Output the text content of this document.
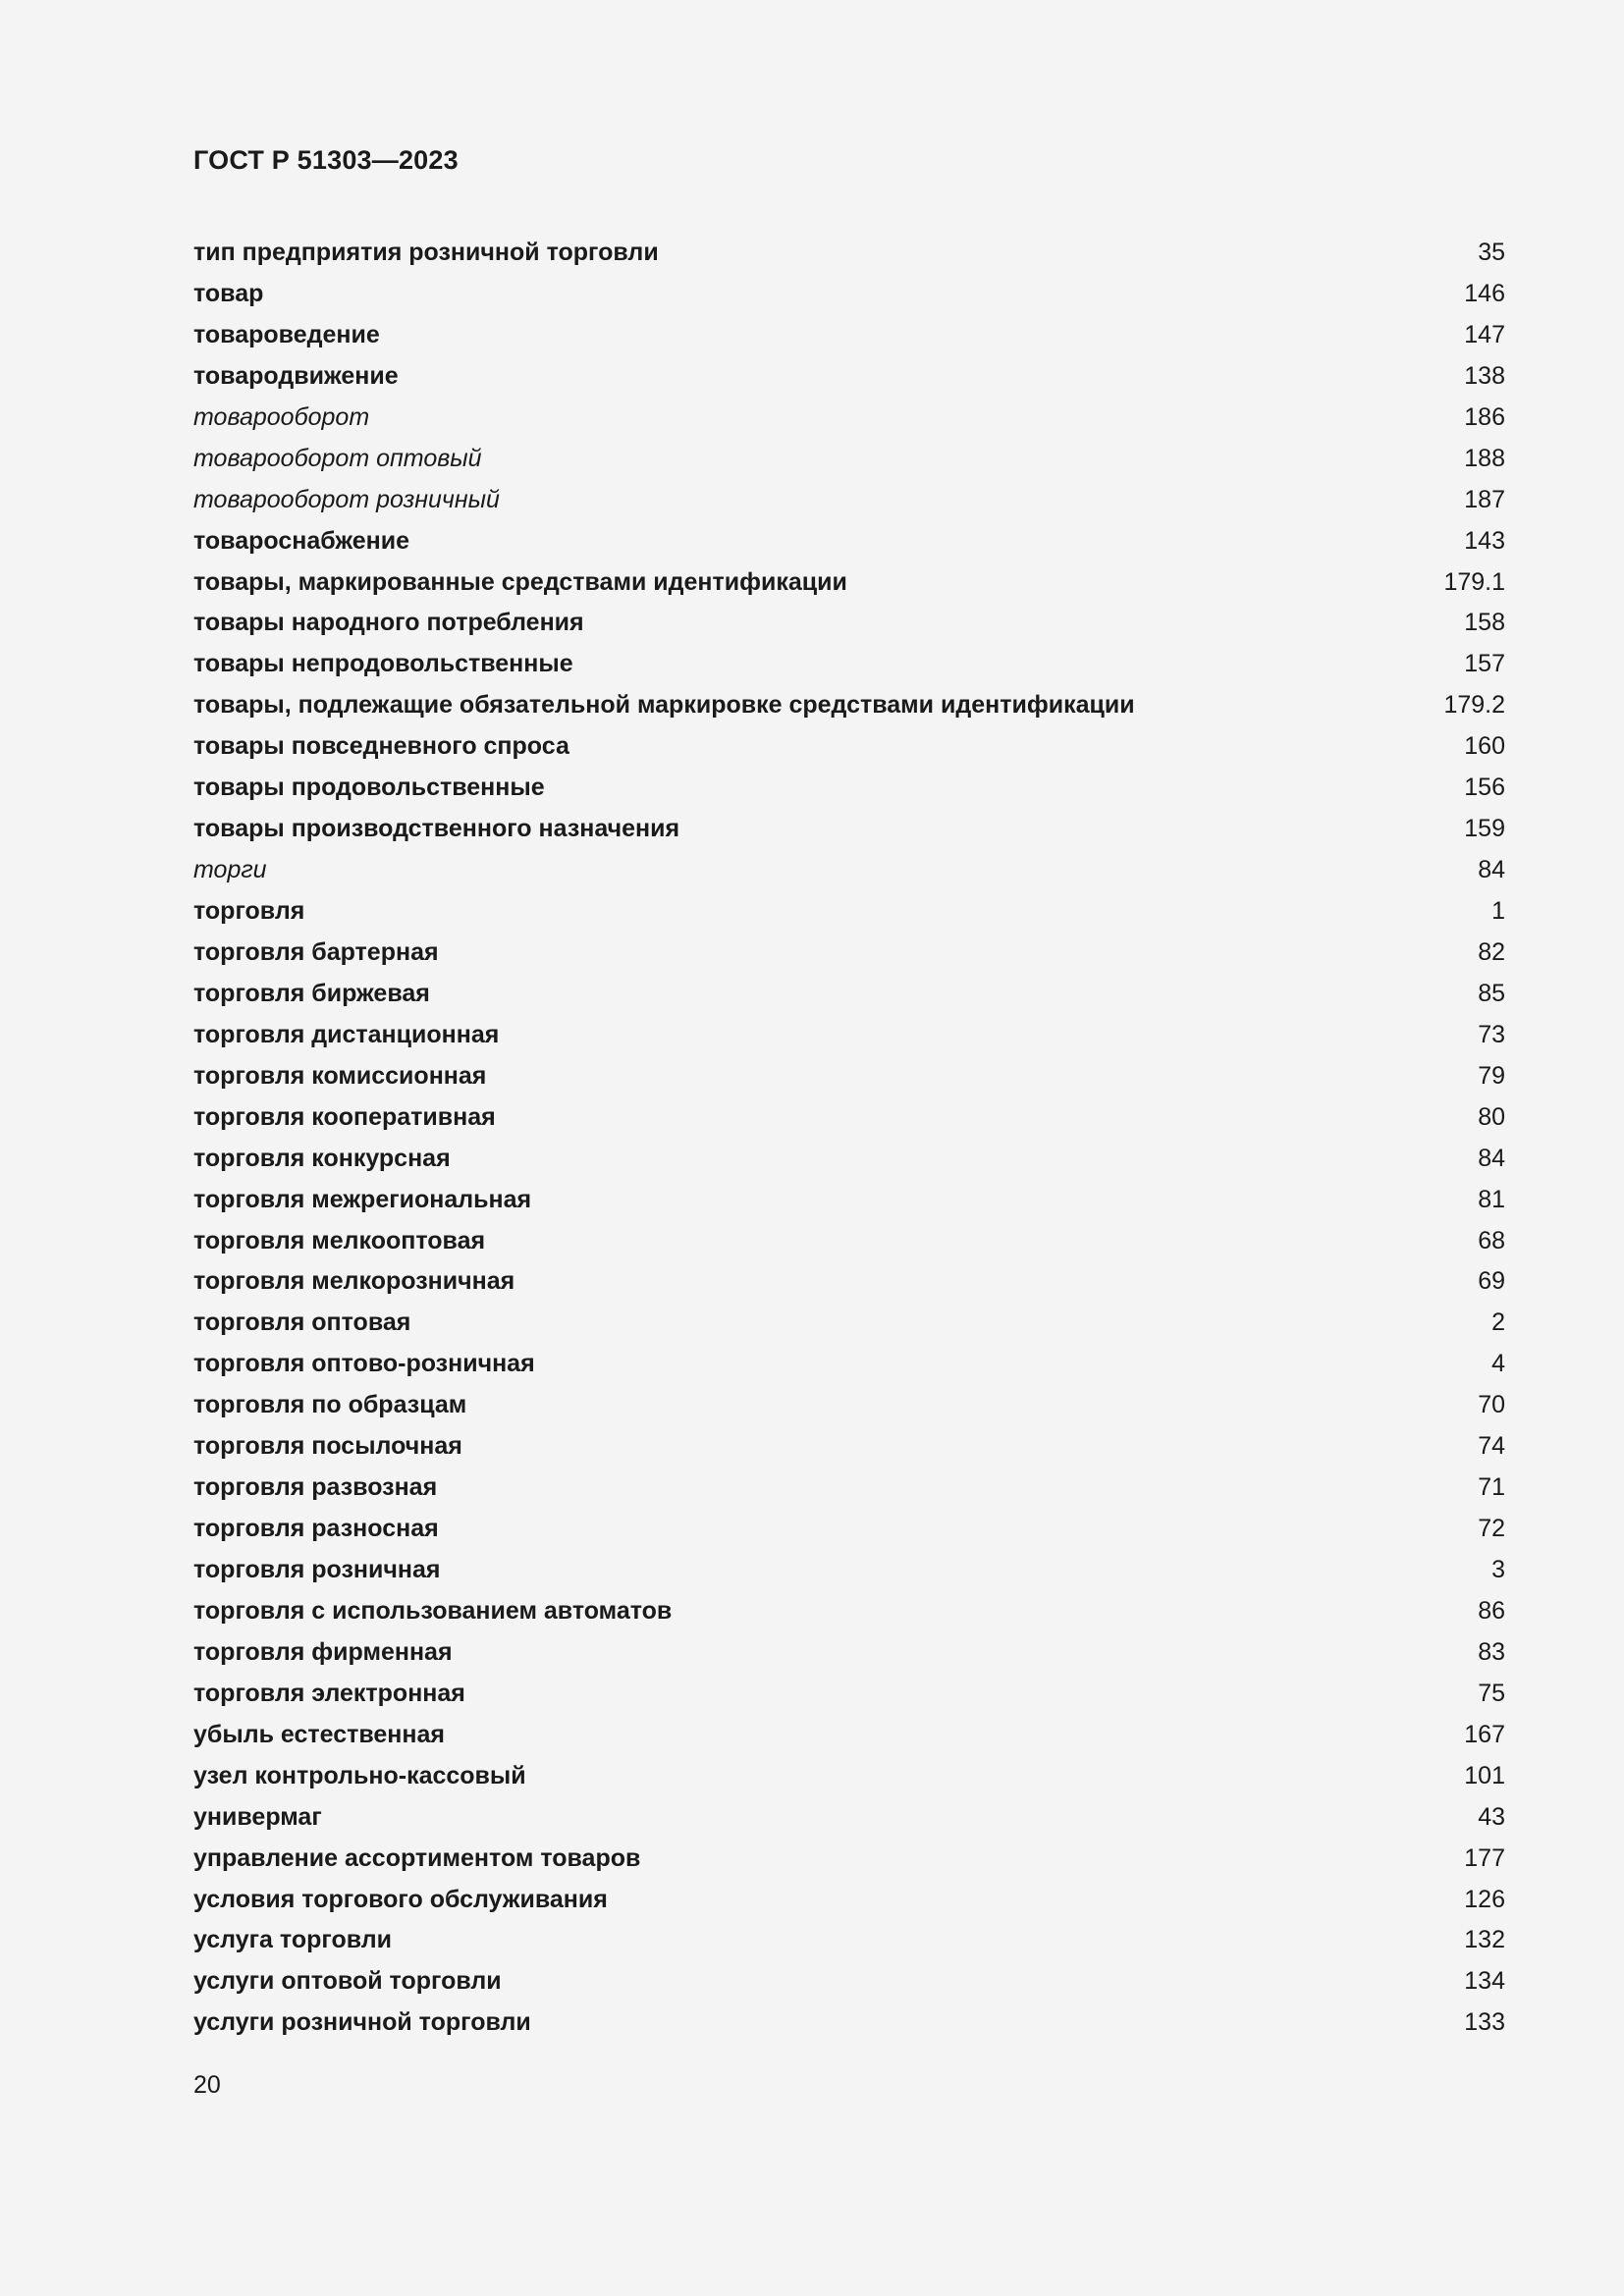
ГОСТ Р 51303—2023
тип предприятия розничной торговли	35
товар	146
товароведение	147
товародвижение	138
товарооборот	186
товарооборот оптовый	188
товарооборот розничный	187
товароснабжение	143
товары, маркированные средствами идентификации	179.1
товары народного потребления	158
товары непродовольственные	157
товары, подлежащие обязательной маркировке средствами идентификации	179.2
товары повседневного спроса	160
товары продовольственные	156
товары производственного назначения	159
торги	84
торговля	1
торговля бартерная	82
торговля биржевая	85
торговля дистанционная	73
торговля комиссионная	79
торговля кооперативная	80
торговля конкурсная	84
торговля межрегиональная	81
торговля мелкооптовая	68
торговля мелкорозничная	69
торговля оптовая	2
торговля оптово-розничная	4
торговля по образцам	70
торговля посылочная	74
торговля развозная	71
торговля разносная	72
торговля розничная	3
торговля с использованием автоматов	86
торговля фирменная	83
торговля электронная	75
убыль естественная	167
узел контрольно-кассовый	101
универмаг	43
управление ассортиментом товаров	177
условия торгового обслуживания	126
услуга торговли	132
услуги оптовой торговли	134
услуги розничной торговли	133
20
